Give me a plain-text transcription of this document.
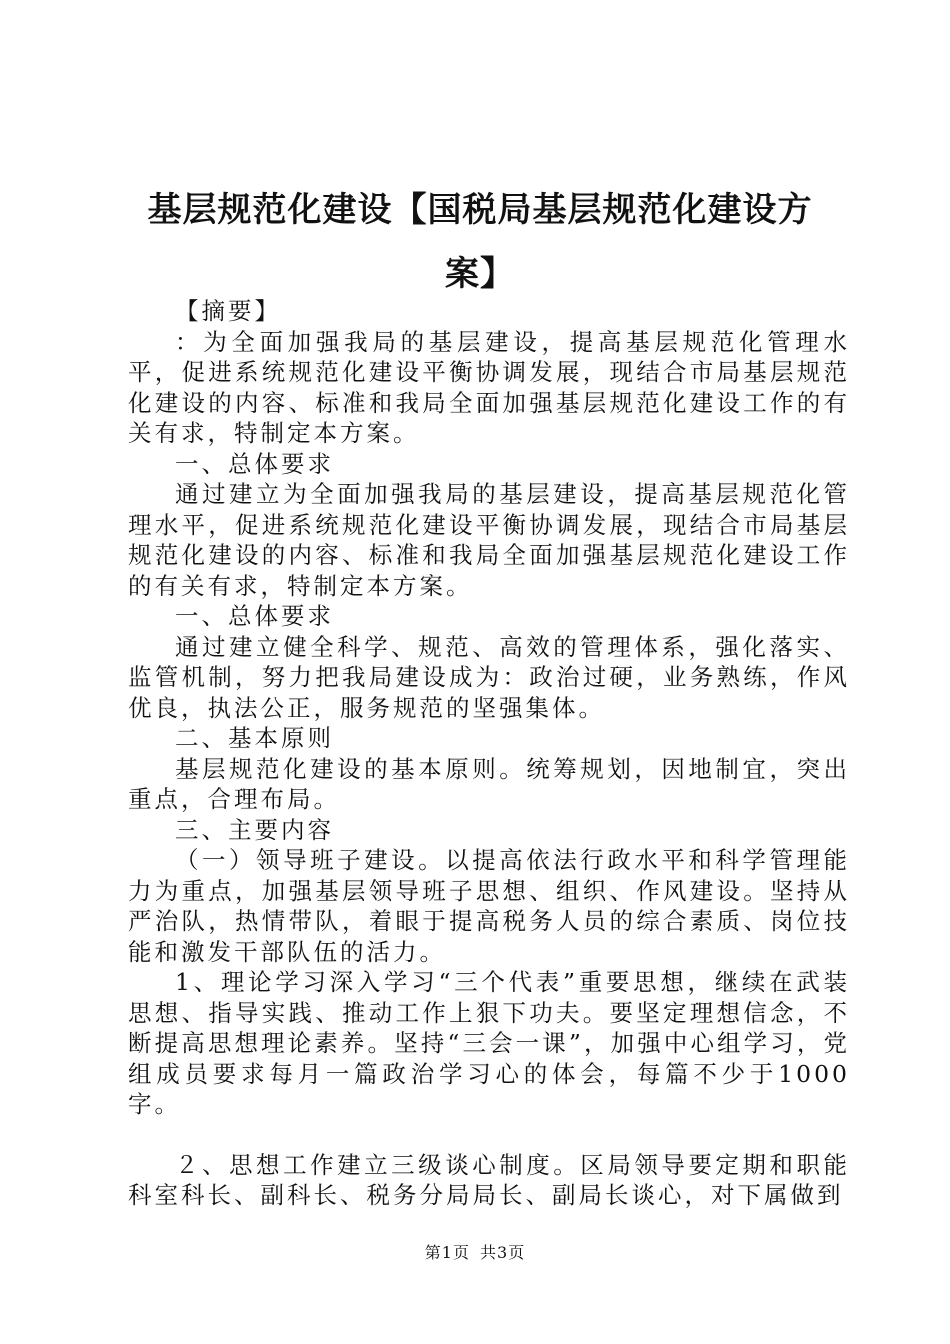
基层规范化建设【国税局基层规范化建设方
案】

【摘要】

：为全面加强我局的基层建设，提高基层规范化管理水平，促进系统规范化建设平衡协调发展，现结合市局基层规范化建设的内容、标准和我局全面加强基层规范化建设工作的有关有求，特制定本方案。

一、总体要求

通过建立为全面加强我局的基层建设，提高基层规范化管理水平，促进系统规范化建设平衡协调发展，现结合市局基层规范化建设的内容、标准和我局全面加强基层规范化建设工作的有关有求，特制定本方案。

一、总体要求

通过建立健全科学、规范、高效的管理体系，强化落实、监管机制，努力把我局建设成为：政治过硬，业务熟练，作风优良，执法公正，服务规范的坚强集体。

二、基本原则

基层规范化建设的基本原则。统筹规划，因地制宜，突出重点，合理布局。

三、主要内容

（一）领导班子建设。以提高依法行政水平和科学管理能力为重点，加强基层领导班子思想、组织、作风建设。坚持从严治队，热情带队，着眼于提高税务人员的综合素质、岗位技能和激发干部队伍的活力。

1、理论学习深入学习“三个代表”重要思想，继续在武装思想、指导实践、推动工作上狠下功夫。要坚定理想信念，不断提高思想理论素养。坚持“三会一课”，加强中心组学习，党组成员要求每月一篇政治学习心的体会，每篇不少于1000字。

２、思想工作建立三级谈心制度。区局领导要定期和职能科室科长、副科长、税务分局局长、副局长谈心，对下属做到

第1页 共3页
